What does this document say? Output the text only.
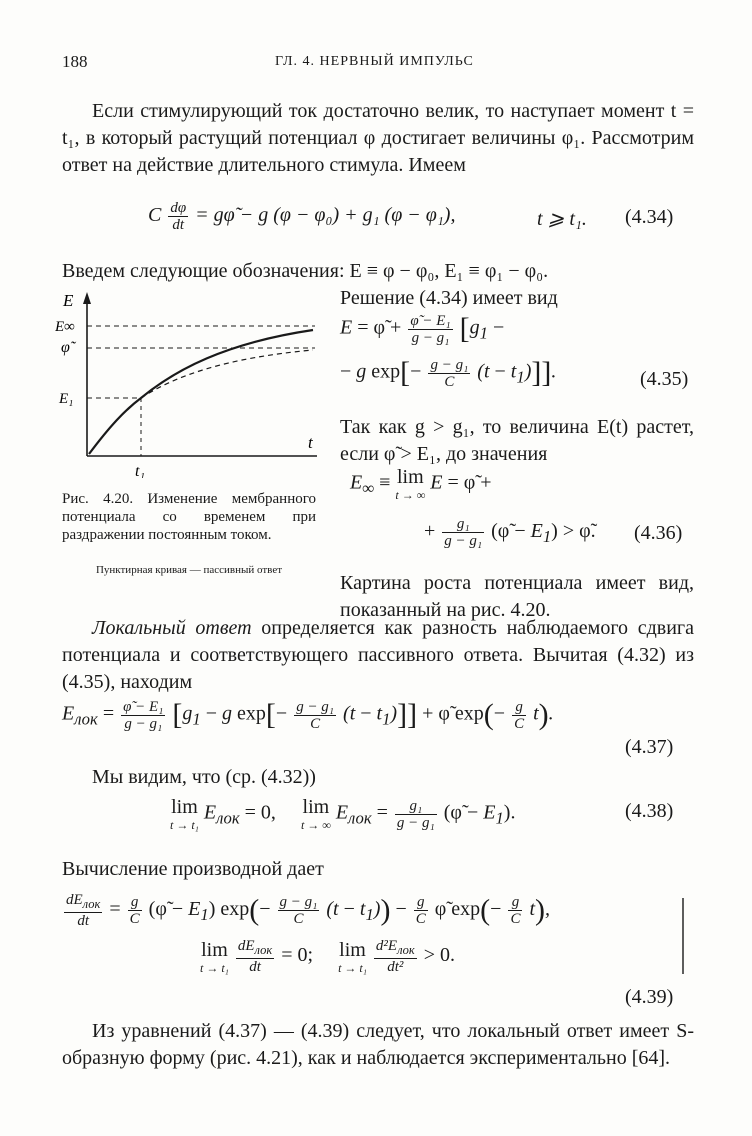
188	ГЛ. 4. НЕРВНЫЙ ИМПУЛЬС
Если стимулирующий ток достаточно велик, то наступает момент t = t₁, в который растущий потенциал φ достигает величины φ₁. Рассмотрим ответ на действие длительного стимула. Имеем
C $\frac{d\varphi}{dt}$ = gφ̃ − g (φ − φ₀) + g₁ (φ − φ₁),	t ⩾ t₁. (4.34)
Введем следующие обозначения: E ≡ φ − φ₀, E₁ ≡ φ₁ − φ₀.
E
E∞
φ̃
E₁
t₁
t
Рис. 4.20. Изменение мембранного потенциала со временем при раздражении постоянным током.
Пунктирная кривая — пассивный ответ
E = φ̃ + $\frac{\text{φ̃ − E₁}}{\text{g − g₁}} [g_1$ −
− g $\exp[- \frac{\text{g − g₁}}{C} (t - t_1)]$].	(4.35)
Так как g > g₁, то величина E(t) растет, если φ̃ > E₁, до значения
$E_\infty \equiv \lim$
t → ∞
E = φ̃ +
+ $\frac{\text{g₁}}{\text{g − g₁}}$ (φ̃ − $E_1$) > φ̃. (4.36)
Картина роста потенциала имеет вид, показанный на рис. 4.20.
Локальный ответ определяется как разность наблюдаемого сдвига потенциала и соответствующего пассивного ответа. Вычитая (4.32) из (4.35), находим
$E_{лок} = \frac{\text{φ̃ − E₁}}{\text{g − g₁}} [g_1 - g$ $\exp[- \frac{\text{g − g₁}}{C} (t - t_1)]$] + φ̃ $\exp(- \frac{g}{C} t)$.
(4.37)
Мы видим, что (ср. (4.32))
lim
t → t₁
$E_{лок} = 0$, lim
t → ∞
$E_{лок} = \frac{\text{g₁}}{\text{g − g₁}}$ (φ̃ − $E_1$).	(4.38)
Вычисление производной дает
$\frac{dE_{лок}}{dt} = \frac{g}{C}$ (φ̃ − $E_1$) $\exp(- \frac{\text{g − g₁}}{C} (t - t_1)) - \frac{g}{C}$ φ̃ $\exp(- \frac{g}{C} t)$,
lim
t → t₁
$\frac{dE_{лок}}{dt} = 0$; lim
t → t₁
$\frac{d^2E_{лок}}{\text{dt²}} > 0$.
(4.39)
Из уравнений (4.37) — (4.39) следует, что локальный ответ имеет S-образную форму (рис. 4.21), как и наблюдается экспериментально [64].
Решение (4.34) имеет вид
